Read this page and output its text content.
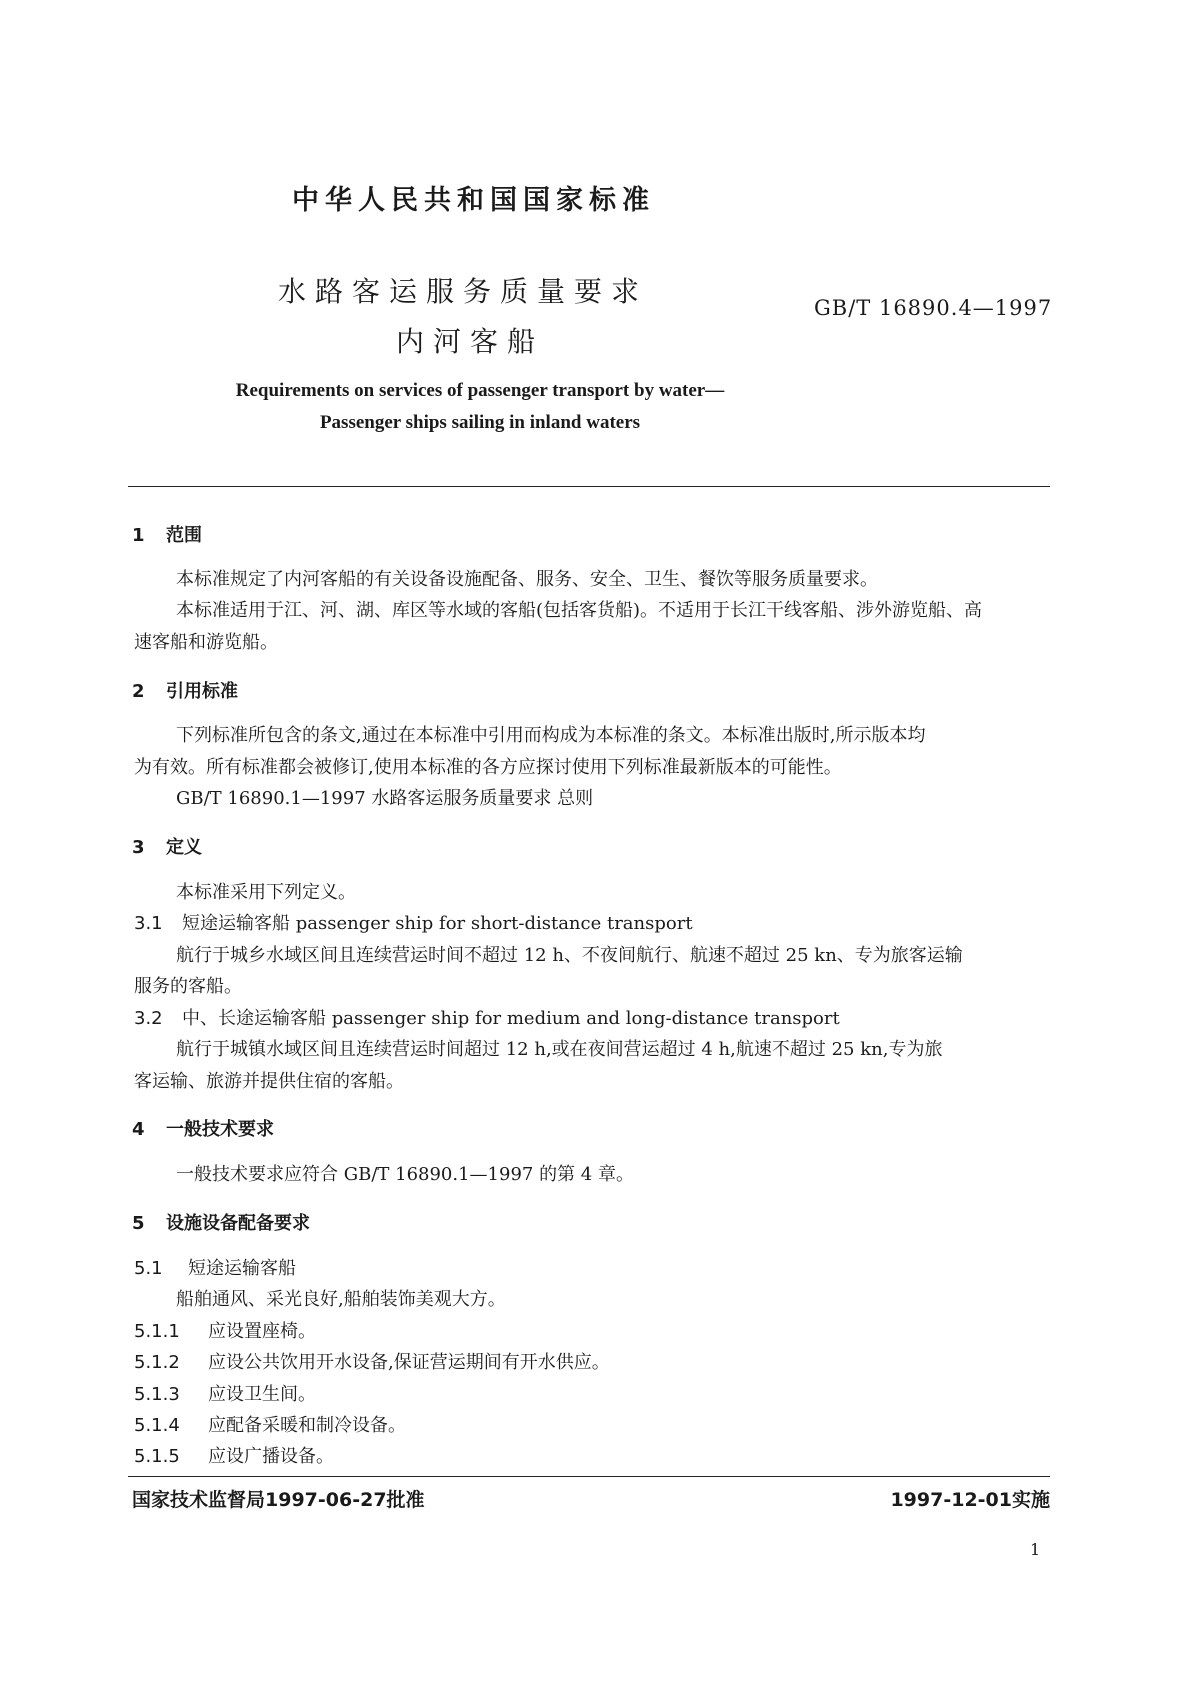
中华人民共和国国家标准
水路客运服务质量要求
内河客船
GB/T 16890.4—1997
Requirements on services of passenger transport by water—
Passenger ships sailing in inland waters
1 范围
本标准规定了内河客船的有关设备设施配备、服务、安全、卫生、餐饮等服务质量要求。
本标准适用于江、河、湖、库区等水域的客船(包括客货船)。不适用于长江干线客船、涉外游览船、高
速客船和游览船。
2 引用标准
下列标准所包含的条文,通过在本标准中引用而构成为本标准的条文。本标准出版时,所示版本均
为有效。所有标准都会被修订,使用本标准的各方应探讨使用下列标准最新版本的可能性。
GB/T 16890.1—1997 水路客运服务质量要求 总则
3 定义
本标准采用下列定义。
3.1 短途运输客船 passenger ship for short-distance transport
航行于城乡水域区间且连续营运时间不超过 12 h、不夜间航行、航速不超过 25 kn、专为旅客运输
服务的客船。
3.2 中、长途运输客船 passenger ship for medium and long-distance transport
航行于城镇水域区间且连续营运时间超过 12 h,或在夜间营运超过 4 h,航速不超过 25 kn,专为旅
客运输、旅游并提供住宿的客船。
4 一般技术要求
一般技术要求应符合 GB/T 16890.1—1997 的第 4 章。
5 设施设备配备要求
5.1 短途运输客船
船舶通风、采光良好,船舶装饰美观大方。
5.1.1 应设置座椅。
5.1.2 应设公共饮用开水设备,保证营运期间有开水供应。
5.1.3 应设卫生间。
5.1.4 应配备采暖和制冷设备。
5.1.5 应设广播设备。
国家技术监督局1997-06-27批准	1997-12-01实施
1
